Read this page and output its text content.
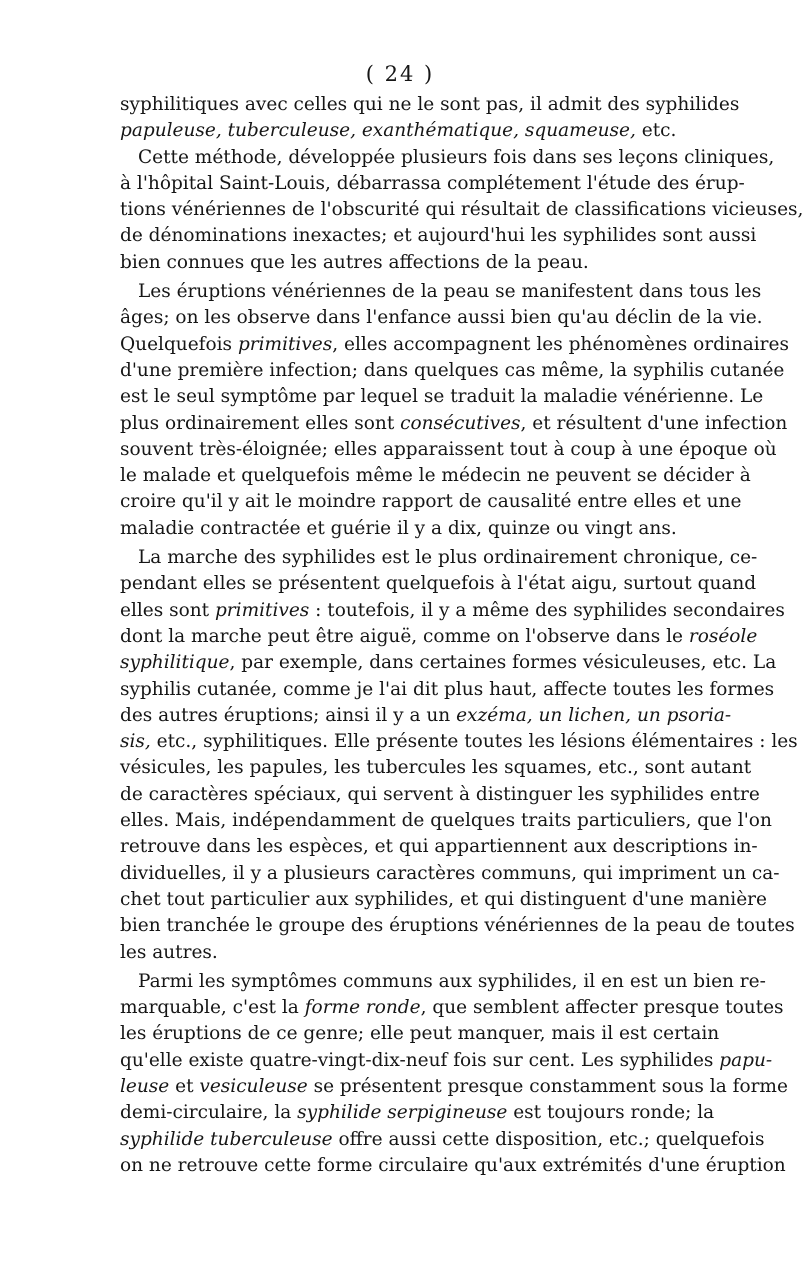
( 24 )
syphilitiques avec celles qui ne le sont pas, il admit des syphilides
papuleuse, tuberculeuse, exanthématique, squameuse, etc.
Cette méthode, développée plusieurs fois dans ses leçons cliniques,
à l'hôpital Saint-Louis, débarrassa complétement l'étude des érup-
tions vénériennes de l'obscurité qui résultait de classifications vicieuses,
de dénominations inexactes; et aujourd'hui les syphilides sont aussi
bien connues que les autres affections de la peau.
Les éruptions vénériennes de la peau se manifestent dans tous les
âges; on les observe dans l'enfance aussi bien qu'au déclin de la vie.
Quelquefois primitives, elles accompagnent les phénomènes ordinaires
d'une première infection; dans quelques cas même, la syphilis cutanée
est le seul symptôme par lequel se traduit la maladie vénérienne. Le
plus ordinairement elles sont consécutives, et résultent d'une infection
souvent très-éloignée; elles apparaissent tout à coup à une époque où
le malade et quelquefois même le médecin ne peuvent se décider à
croire qu'il y ait le moindre rapport de causalité entre elles et une
maladie contractée et guérie il y a dix, quinze ou vingt ans.
La marche des syphilides est le plus ordinairement chronique, ce-
pendant elles se présentent quelquefois à l'état aigu, surtout quand
elles sont primitives : toutefois, il y a même des syphilides secondaires
dont la marche peut être aiguë, comme on l'observe dans le roséole
syphilitique, par exemple, dans certaines formes vésiculeuses, etc. La
syphilis cutanée, comme je l'ai dit plus haut, affecte toutes les formes
des autres éruptions; ainsi il y a un exzéma, un lichen, un psoria-
sis, etc., syphilitiques. Elle présente toutes les lésions élémentaires : les
vésicules, les papules, les tubercules les squames, etc., sont autant
de caractères spéciaux, qui servent à distinguer les syphilides entre
elles. Mais, indépendamment de quelques traits particuliers, que l'on
retrouve dans les espèces, et qui appartiennent aux descriptions in-
dividuelles, il y a plusieurs caractères communs, qui impriment un ca-
chet tout particulier aux syphilides, et qui distinguent d'une manière
bien tranchée le groupe des éruptions vénériennes de la peau de toutes
les autres.
Parmi les symptômes communs aux syphilides, il en est un bien re-
marquable, c'est la forme ronde, que semblent affecter presque toutes
les éruptions de ce genre; elle peut manquer, mais il est certain
qu'elle existe quatre-vingt-dix-neuf fois sur cent. Les syphilides papu-
leuse et vesiculeuse se présentent presque constamment sous la forme
demi-circulaire, la syphilide serpigineuse est toujours ronde; la
syphilide tuberculeuse offre aussi cette disposition, etc.; quelquefois
on ne retrouve cette forme circulaire qu'aux extrémités d'une éruption
